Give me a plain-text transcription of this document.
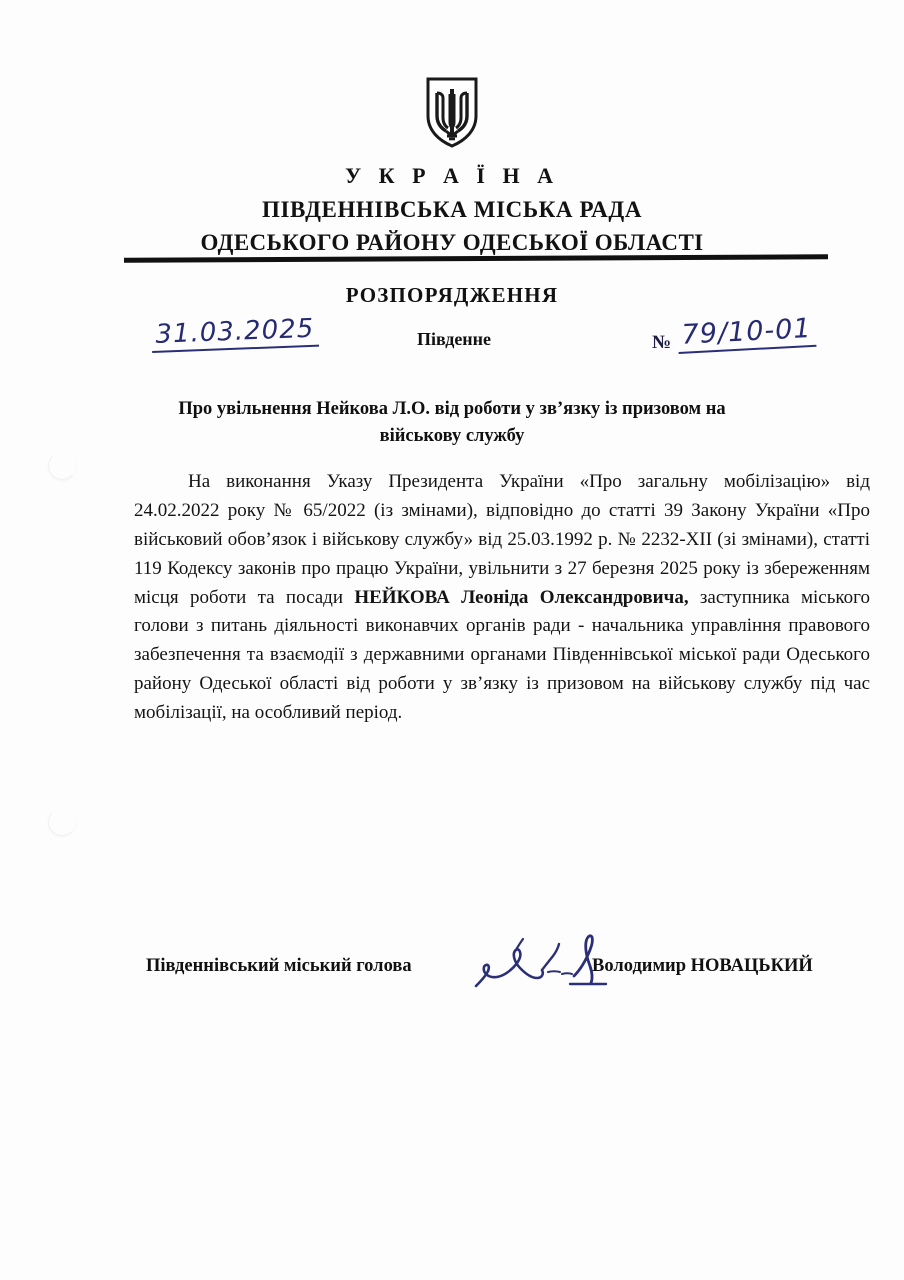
У К Р А Ї Н А
ПІВДЕННІВСЬКА МІСЬКА РАДА
ОДЕСЬКОГО РАЙОНУ ОДЕСЬКОЇ ОБЛАСТІ
РОЗПОРЯДЖЕННЯ
31.03.2025	Південне	№ 79/10-01
Про увільнення Нейкова Л.О. від роботи у зв’язку із призовом на військову службу

На виконання Указу Президента України «Про загальну мобілізацію» від 24.02.2022 року № 65/2022 (із змінами), відповідно до статті 39 Закону України «Про військовий обов’язок і військову службу» від 25.03.1992 р. № 2232-XII (зі змінами), статті 119 Кодексу законів про працю України, увільнити з 27 березня 2025 року із збереженням місця роботи та посади НЕЙКОВА Леоніда Олександровича, заступника міського голови з питань діяльності виконавчих органів ради - начальника управління правового забезпечення та взаємодії з державними органами Південнівської міської ради Одеського району Одеської області від роботи у зв’язку із призовом на військову службу під час мобілізації, на особливий період.

Південнівський міський голова	Володимир НОВАЦЬКИЙ
